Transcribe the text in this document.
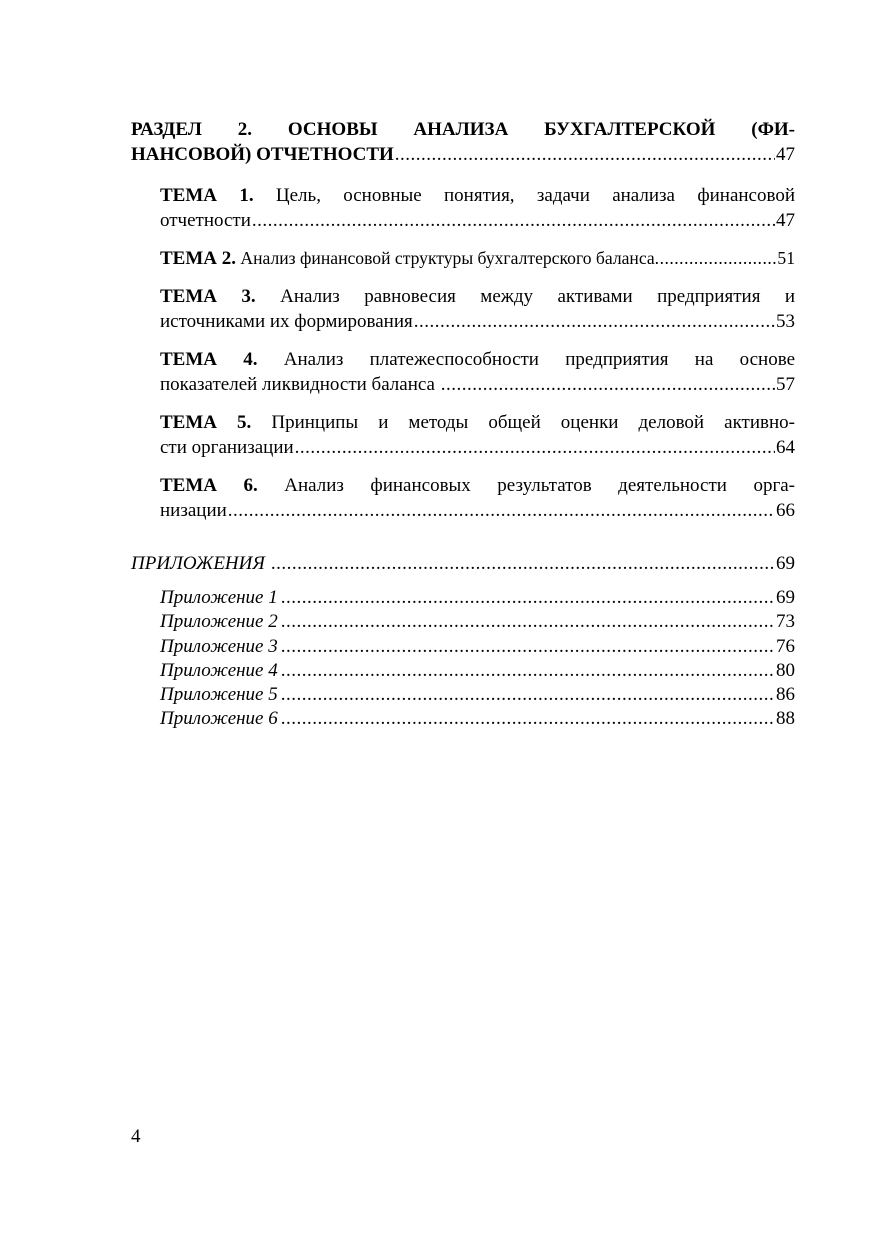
РАЗДЕЛ 2. ОСНОВЫ АНАЛИЗА БУХГАЛТЕРСКОЙ (ФИ-
НАНСОВОЙ) ОТЧЕТНОСТИ .....	47
ТЕМА 1. Цель, основные понятия, задачи анализа финансовой
отчетности .....	47
ТЕМА 2. Анализ финансовой структуры бухгалтерского баланса .....	51
ТЕМА 3. Анализ равновесия между активами предприятия и
источниками их формирования .....	53
ТЕМА 4. Анализ платежеспособности предприятия на основе
показателей ликвидности баланса .....	57
ТЕМА 5. Принципы и методы общей оценки деловой активно-
сти организации .....	64
ТЕМА 6. Анализ финансовых результатов деятельности орга-
низации .....	66
ПРИЛОЖЕНИЯ .....	69
Приложение 1 .....	69
Приложение 2 .....	73
Приложение 3 .....	76
Приложение 4 .....	80
Приложение 5 .....	86
Приложение 6 .....	88
4
